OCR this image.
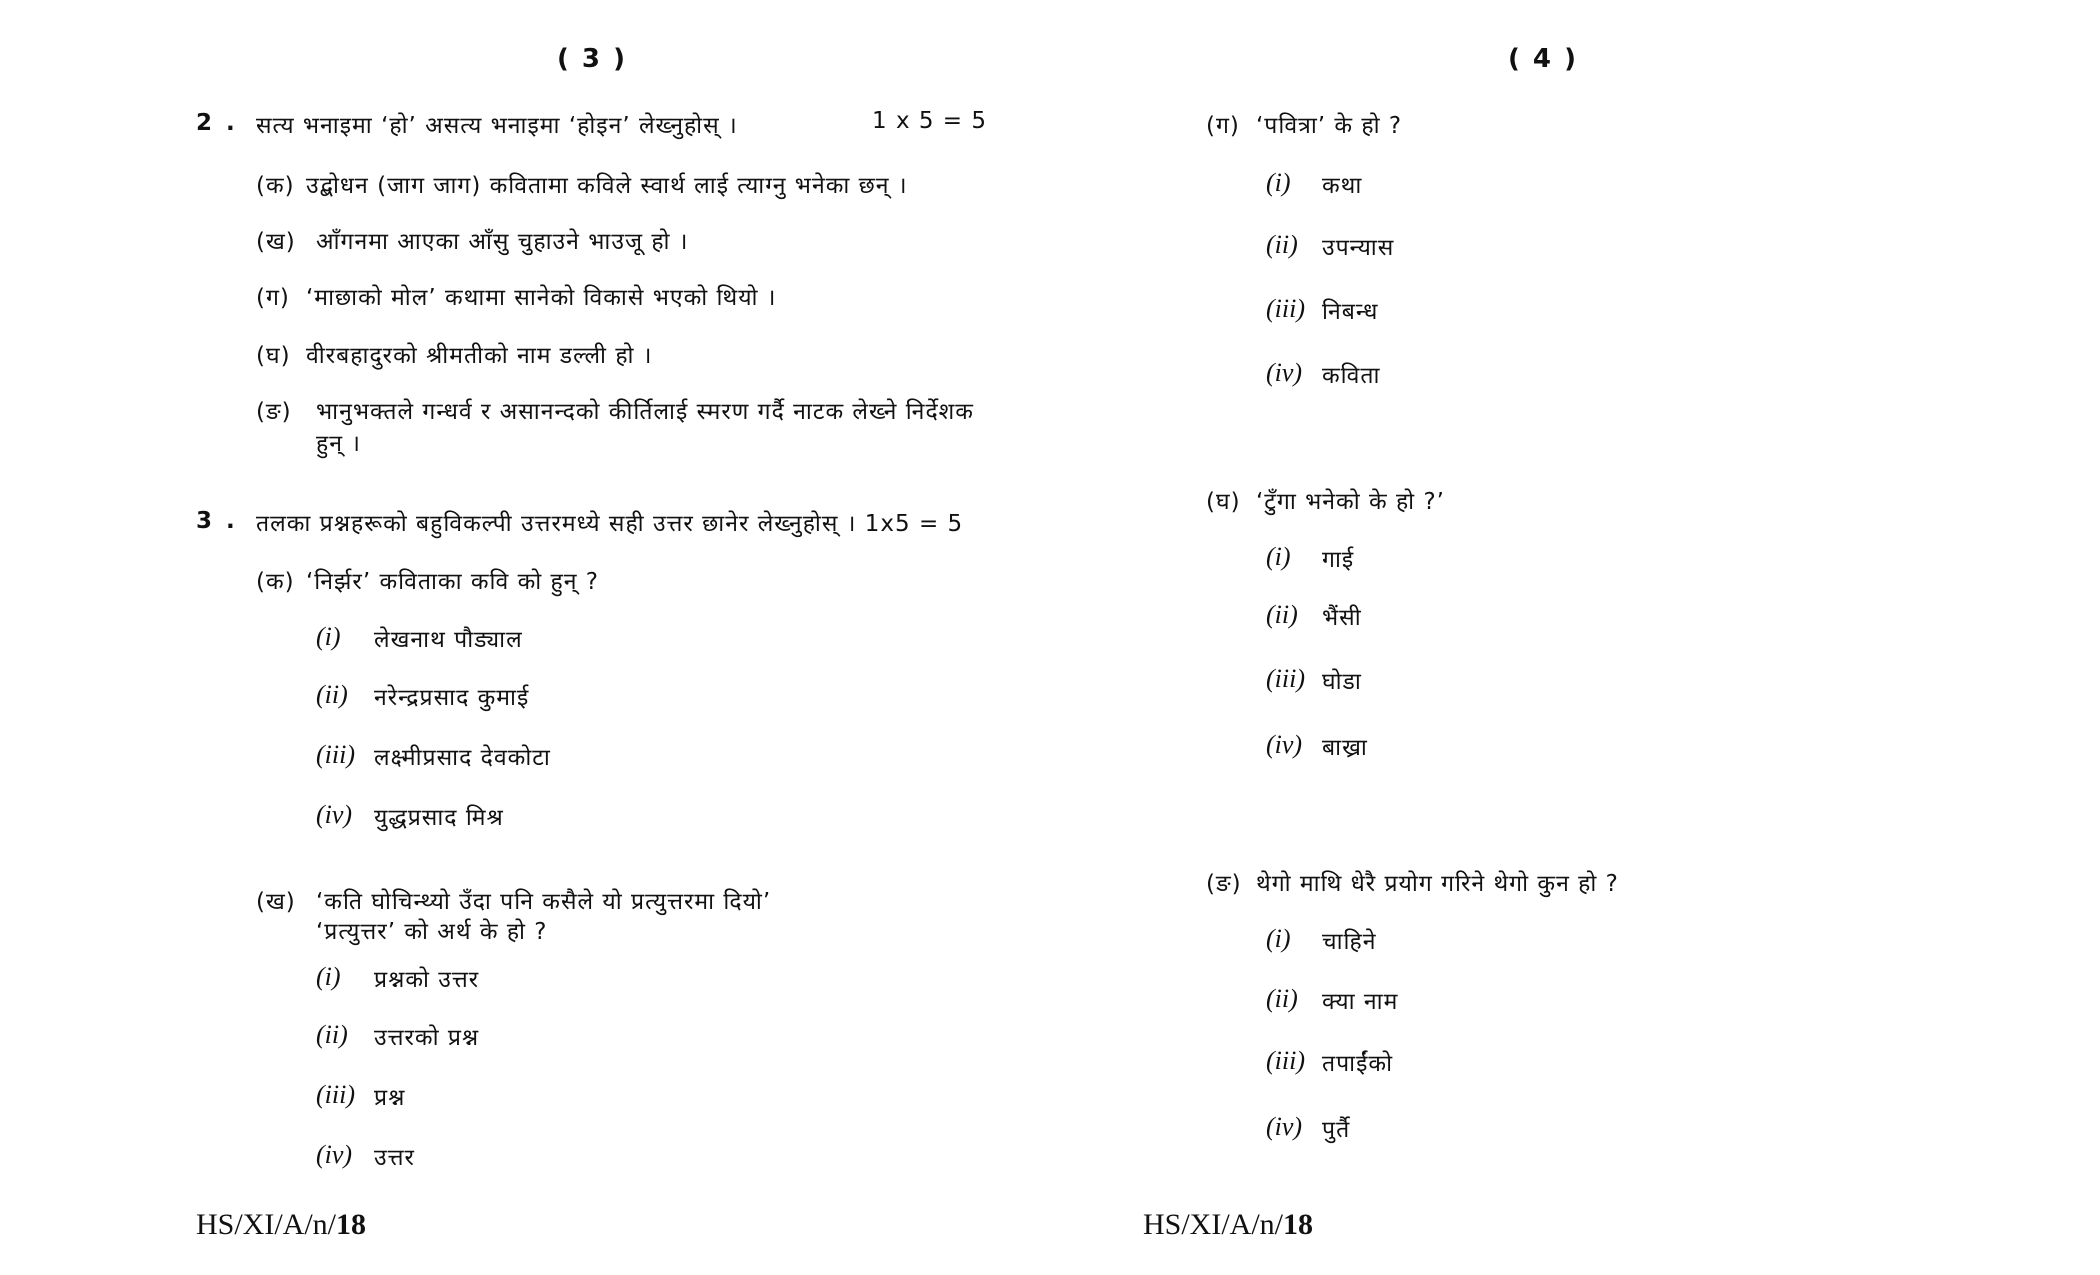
( 3 )
2 . सत्य भनाइमा ‘हो’ असत्य भनाइमा ‘होइन’ लेख्नुहोस् ।	1 x 5 = 5
(क) उद्बोधन (जाग जाग) कवितामा कविले स्वार्थ लाई त्याग्नु भनेका छन् ।
(ख) आँगनमा आएका आँसु चुहाउने भाउजू हो ।
(ग) ‘माछाको मोल’ कथामा सानेको विकासे भएको थियो ।
(घ) वीरबहादुरको श्रीमतीको नाम डल्ली हो ।
(ङ) भानुभक्तले गन्धर्व र असानन्दको कीर्तिलाई स्मरण गर्दै नाटक लेख्ने निर्देशक
हुन् ।
3 . तलका प्रश्नहरूको बहुविकल्पी उत्तरमध्ये सही उत्तर छानेर लेख्नुहोस् । 1x5 = 5
(क) ‘निर्झर’ कविताका कवि को हुन् ?
(i) लेखनाथ पौड्याल
(ii) नरेन्द्रप्रसाद कुमाई
(iii) लक्ष्मीप्रसाद देवकोटा
(iv) युद्धप्रसाद मिश्र
(ख) ‘कति घोचिन्थ्यो उँदा पनि कसैले यो प्रत्युत्तरमा दियो’
‘प्रत्युत्तर’ को अर्थ के हो ?
(i) प्रश्नको उत्तर
(ii) उत्तरको प्रश्न
(iii) प्रश्न
(iv) उत्तर
HS/XI/A/n/18
( 4 )
(ग) ‘पवित्रा’ के हो ?
(i) कथा
(ii) उपन्यास
(iii) निबन्ध
(iv) कविता
(घ) ‘टुँगा भनेको के हो ?’
(i) गाई
(ii) भैंसी
(iii) घोडा
(iv) बाख्रा
(ङ) थेगो माथि धेरै प्रयोग गरिने थेगो कुन हो ?
(i) चाहिने
(ii) क्या नाम
(iii) तपाईंको
(iv) पुर्तै
HS/XI/A/n/18
